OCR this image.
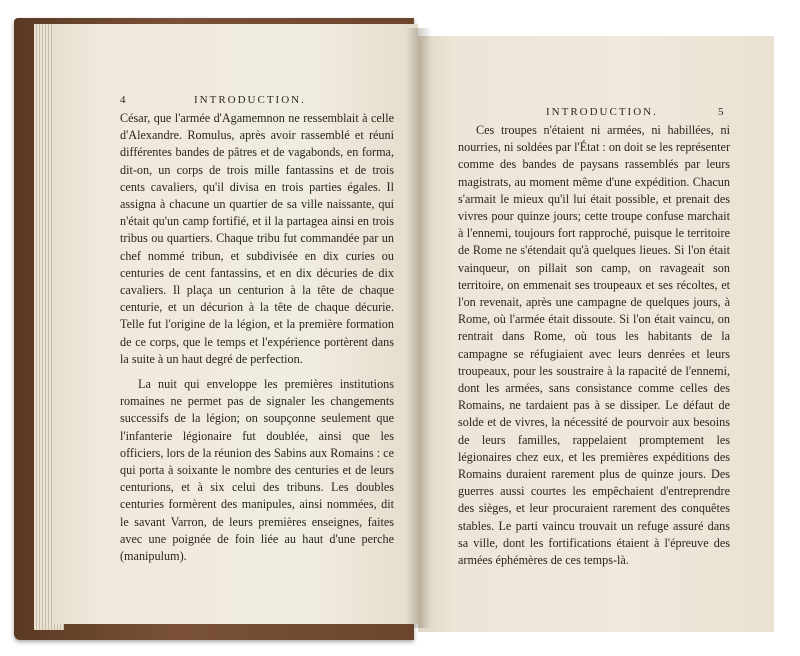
4	INTRODUCTION.

César, que l'armée d'Agamemnon ne ressemblait à celle d'Alexandre. Romulus, après avoir rassemblé et réuni différentes bandes de pâtres et de vagabonds, en forma, dit-on, un corps de trois mille fantassins et de trois cents cavaliers, qu'il divisa en trois parties égales. Il assigna à chacune un quartier de sa ville naissante, qui n'était qu'un camp fortifié, et il la partagea ainsi en trois tribus ou quartiers. Chaque tribu fut commandée par un chef nommé tribun, et subdivisée en dix curies ou centuries de cent fantassins, et en dix décuries de dix cavaliers. Il plaça un centurion à la tête de chaque centurie, et un décurion à la tête de chaque décurie. Telle fut l'origine de la légion, et la première formation de ce corps, que le temps et l'expérience portèrent dans la suite à un haut degré de perfection.

La nuit qui enveloppe les premières institutions romaines ne permet pas de signaler les changements successifs de la légion; on soupçonne seulement que l'infanterie légionaire fut doublée, ainsi que les officiers, lors de la réunion des Sabins aux Romains : ce qui porta à soixante le nombre des centuries et de leurs centurions, et à six celui des tribuns. Les doubles centuries formèrent des manipules, ainsi nommées, dit le savant Varron, de leurs premières enseignes, faites avec une poignée de foin liée au haut d'une perche (manipulum).

INTRODUCTION.	5

Ces troupes n'étaient ni armées, ni habillées, ni nourries, ni soldées par l'État : on doit se les représenter comme des bandes de paysans rassemblés par leurs magistrats, au moment même d'une expédition. Chacun s'armait le mieux qu'il lui était possible, et prenait des vivres pour quinze jours; cette troupe confuse marchait à l'ennemi, toujours fort rapproché, puisque le territoire de Rome ne s'étendait qu'à quelques lieues. Si l'on était vainqueur, on pillait son camp, on ravageait son territoire, on emmenait ses troupeaux et ses récoltes, et l'on revenait, après une campagne de quelques jours, à Rome, où l'armée était dissoute. Si l'on était vaincu, on rentrait dans Rome, où tous les habitants de la campagne se réfugiaient avec leurs denrées et leurs troupeaux, pour les soustraire à la rapacité de l'ennemi, dont les armées, sans consistance comme celles des Romains, ne tardaient pas à se dissiper. Le défaut de solde et de vivres, la nécessité de pourvoir aux besoins de leurs familles, rappelaient promptement les légionaires chez eux, et les premières expéditions des Romains duraient rarement plus de quinze jours. Des guerres aussi courtes les empêchaient d'entreprendre des sièges, et leur procuraient rarement des conquêtes stables. Le parti vaincu trouvait un refuge assuré dans sa ville, dont les fortifications étaient à l'épreuve des armées éphémères de ces temps-là.
